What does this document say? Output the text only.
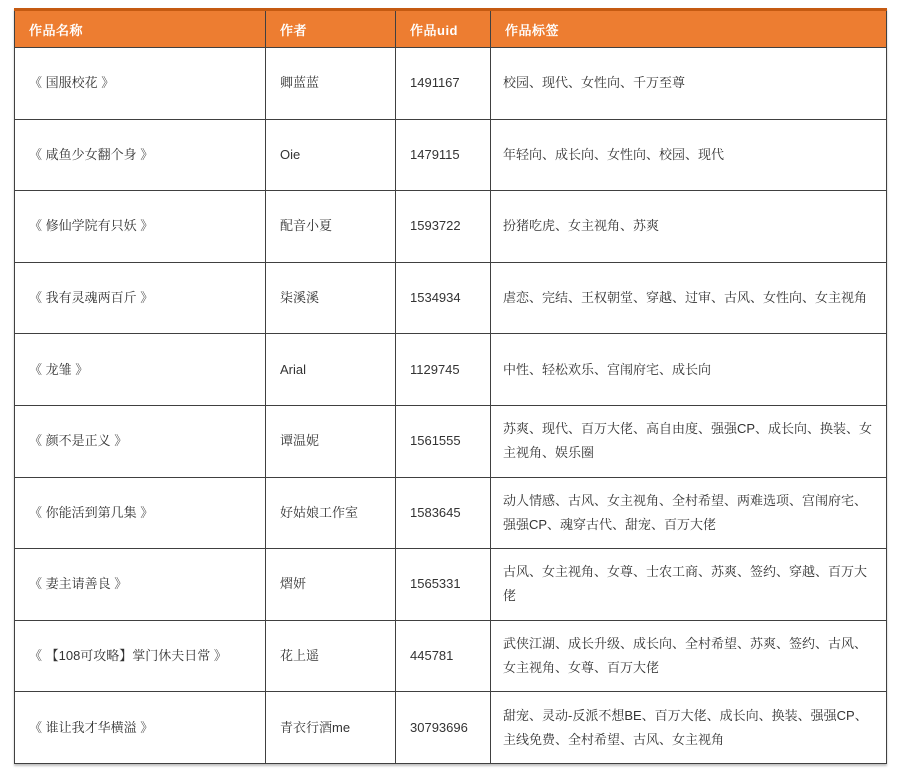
作品名称	作者	作品uid	作品标签
《 国服校花 》	卿蓝蓝	1491167	校园、现代、女性向、千万至尊
《 咸鱼少女翻个身 》	Oie	1479115	年轻向、成长向、女性向、校园、现代
《 修仙学院有只妖 》	配音小夏	1593722	扮猪吃虎、女主视角、苏爽
《 我有灵魂两百斤 》	柒溪溪	1534934	虐恋、完结、王权朝堂、穿越、过审、古风、女性向、女主视角
《 龙雏 》	Arial	1129745	中性、轻松欢乐、宫闱府宅、成长向
《 颜不是正义 》	谭温妮	1561555	苏爽、现代、百万大佬、高自由度、强强CP、成长向、换装、女主视角、娱乐圈
《 你能活到第几集 》	好姑娘工作室	1583645	动人情感、古风、女主视角、全村希望、两难选项、宫闱府宅、强强CP、魂穿古代、甜宠、百万大佬
《 妻主请善良 》	熠妍	1565331	古风、女主视角、女尊、士农工商、苏爽、签约、穿越、百万大佬
《 【108可攻略】掌门休夫日常 》	花上遥	445781	武侠江湖、成长升级、成长向、全村希望、苏爽、签约、古风、女主视角、女尊、百万大佬
《 谁让我才华横溢 》	青衣行酒me	30793696	甜宠、灵动-反派不想BE、百万大佬、成长向、换装、强强CP、主线免费、全村希望、古风、女主视角
